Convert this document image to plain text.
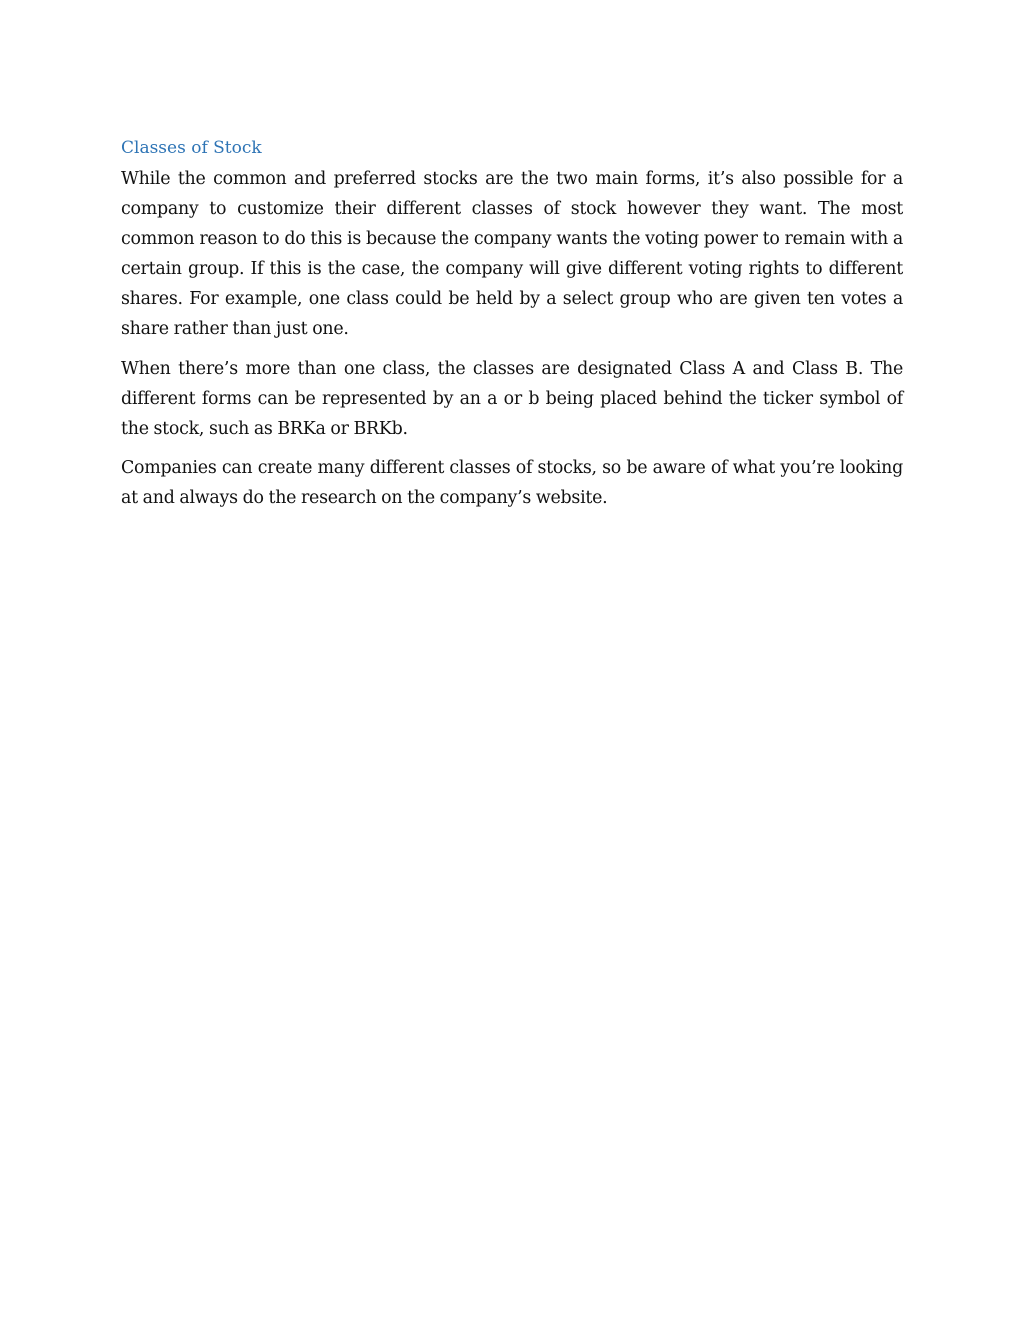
Classes of Stock

While the common and preferred stocks are the two main forms, it’s also possible for a company to customize their different classes of stock however they want. The most common reason to do this is because the company wants the voting power to remain with a certain group. If this is the case, the company will give different voting rights to different shares. For example, one class could be held by a select group who are given ten votes a share rather than just one.

When there’s more than one class, the classes are designated Class A and Class B. The different forms can be represented by an a or b being placed behind the ticker symbol of the stock, such as BRKa or BRKb.

Companies can create many different classes of stocks, so be aware of what you’re looking at and always do the research on the company’s website.
